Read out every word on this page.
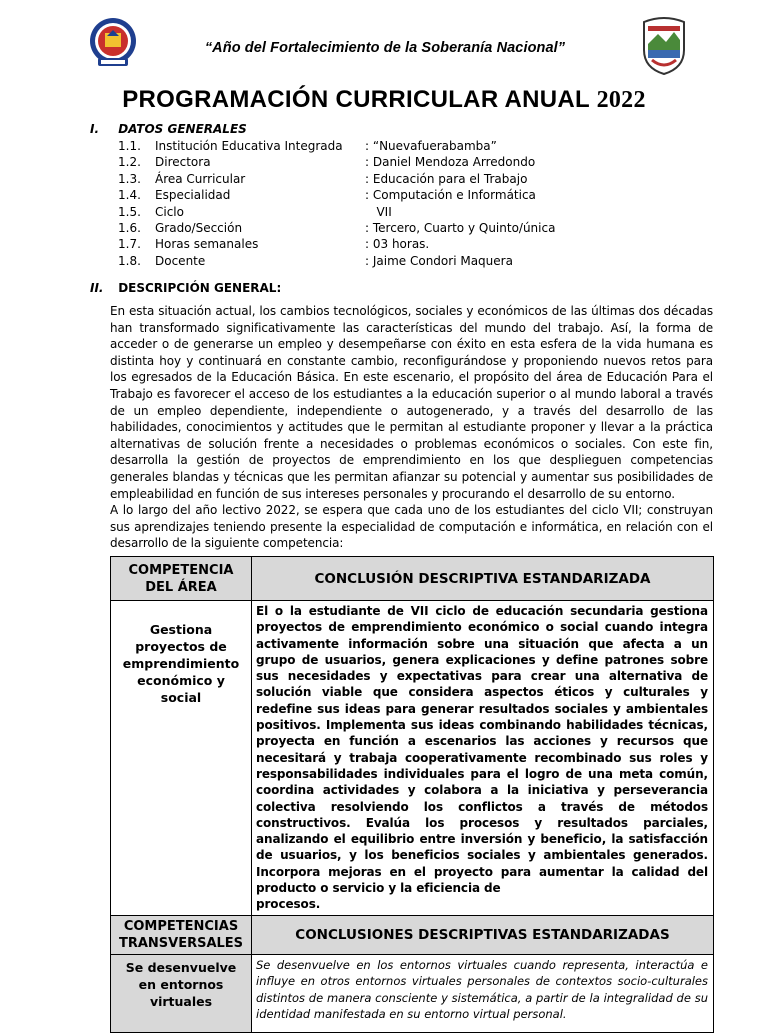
“Año del Fortalecimiento de la Soberanía Nacional”
PROGRAMACIÓN CURRICULAR ANUAL 2022
I. DATOS GENERALES
1.1.	Institución Educativa Integrada	: “Nuevafuerabamba”
1.2.	Directora	: Daniel Mendoza Arredondo
1.3.	Área Curricular	: Educación para el Trabajo
1.4.	Especialidad	: Computación e Informática
1.5.	Ciclo	VII
1.6.	Grado/Sección	: Tercero, Cuarto y Quinto/única
1.7.	Horas semanales	: 03 horas.
1.8.	Docente	: Jaime Condori Maquera
II. DESCRIPCIÓN GENERAL:

En esta situación actual, los cambios tecnológicos, sociales y económicos de las últimas dos décadas han transformado significativamente las características del mundo del trabajo. Así, la forma de acceder o de generarse un empleo y desempeñarse con éxito en esta esfera de la vida humana es distinta hoy y continuará en constante cambio, reconfigurándose y proponiendo nuevos retos para los egresados de la Educación Básica. En este escenario, el propósito del área de Educación Para el Trabajo es favorecer el acceso de los estudiantes a la educación superior o al mundo laboral a través de un empleo dependiente, independiente o autogenerado, y a través del desarrollo de las habilidades, conocimientos y actitudes que le permitan al estudiante proponer y llevar a la práctica alternativas de solución frente a necesidades o problemas económicos o sociales. Con este fin, desarrolla la gestión de proyectos de emprendimiento en los que desplieguen competencias generales blandas y técnicas que les permitan afianzar su potencial y aumentar sus posibilidades de empleabilidad en función de sus intereses personales y procurando el desarrollo de su entorno.

A lo largo del año lectivo 2022, se espera que cada uno de los estudiantes del ciclo VII; construyan sus aprendizajes teniendo presente la especialidad de computación e informática, en relación con el desarrollo de la siguiente competencia:

COMPETENCIA DEL ÁREA	CONCLUSIÓN DESCRIPTIVA ESTANDARIZADA
Gestiona proyectos de emprendimiento económico y social	El o la estudiante de VII ciclo de educación secundaria gestiona proyectos de emprendimiento económico o social cuando integra activamente información sobre una situación que afecta a un grupo de usuarios, genera explicaciones y define patrones sobre sus necesidades y expectativas para crear una alternativa de solución viable que considera aspectos éticos y culturales y redefine sus ideas para generar resultados sociales y ambientales positivos. Implementa sus ideas combinando habilidades técnicas, proyecta en función a escenarios las acciones y recursos que necesitará y trabaja cooperativamente recombinado sus roles y responsabilidades individuales para el logro de una meta común, coordina actividades y colabora a la iniciativa y perseverancia colectiva resolviendo los conflictos a través de métodos constructivos. Evalúa los procesos y resultados parciales, analizando el equilibrio entre inversión y beneficio, la satisfacción de usuarios, y los beneficios sociales y ambientales generados. Incorpora mejoras en el proyecto para aumentar la calidad del producto o servicio y la eficiencia de
procesos.

COMPETENCIAS TRANSVERSALES	CONCLUSIONES DESCRIPTIVAS ESTANDARIZADAS
Se desenvuelve en entornos virtuales	Se desenvuelve en los entornos virtuales cuando representa, interactúa e influye en otros entornos virtuales personales de contextos socio-culturales distintos de manera consciente y sistemática, a partir de la integralidad de su identidad manifestada en su entorno virtual personal.
